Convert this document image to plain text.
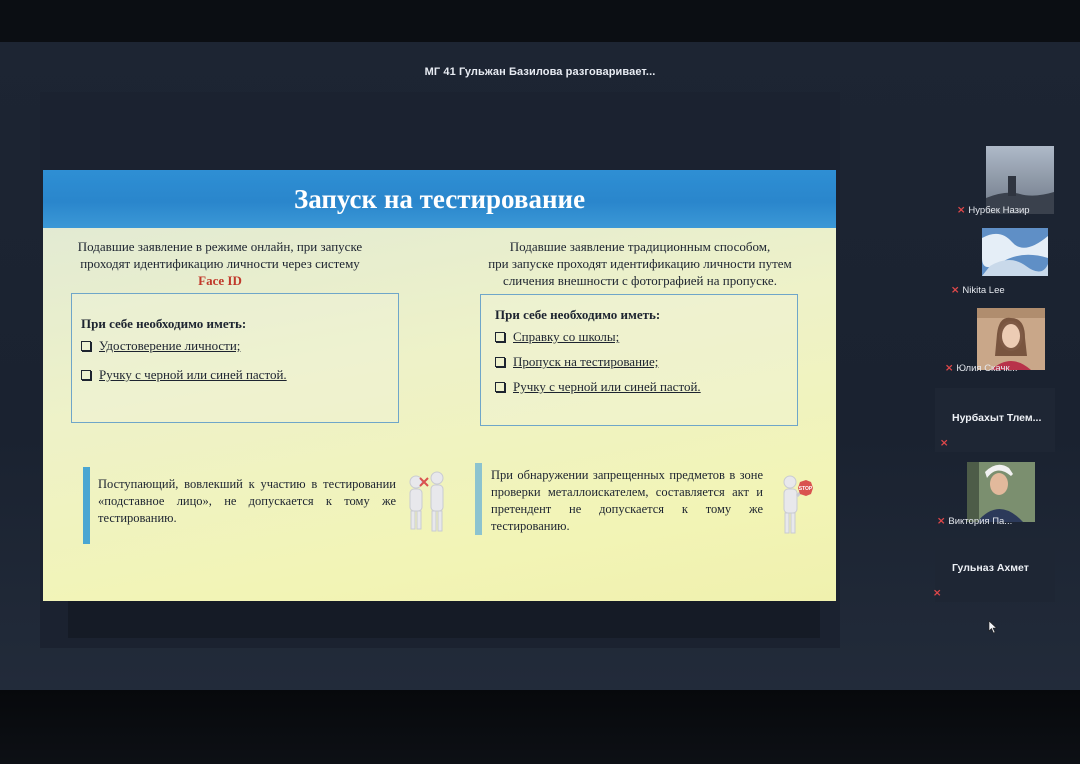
МГ 41 Гульжан Базилова разговаривает...
Запуск на тестирование
Подавшие заявление в режиме онлайн, при запуске
проходят идентификацию личности через систему
Face ID
При себе необходимо иметь:
Удостоверение личности;
Ручку с черной или синей пастой.
Поступающий, вовлекший к участию в тестировании «подставное лицо», не допускается к тому же тестированию.
Подавшие заявление традиционным способом,
при запуске проходят идентификацию личности путем
сличения внешности с фотографией на пропуске.
При себе необходимо иметь:
Справку со школы;
Пропуск на тестирование;
Ручку с черной или синей пастой.
При обнаружении запрещенных предметов в зоне проверки металлоискателем, составляется акт и претендент не допускается к тому же тестированию.
STOP
⨯ Нурбек Назир
⨯ Nikita Lee
⨯ Юлия Скачк...
Нурбахыт Тлем...
⨯
⨯ Виктория Па...
Гульназ Ахмет
⨯
